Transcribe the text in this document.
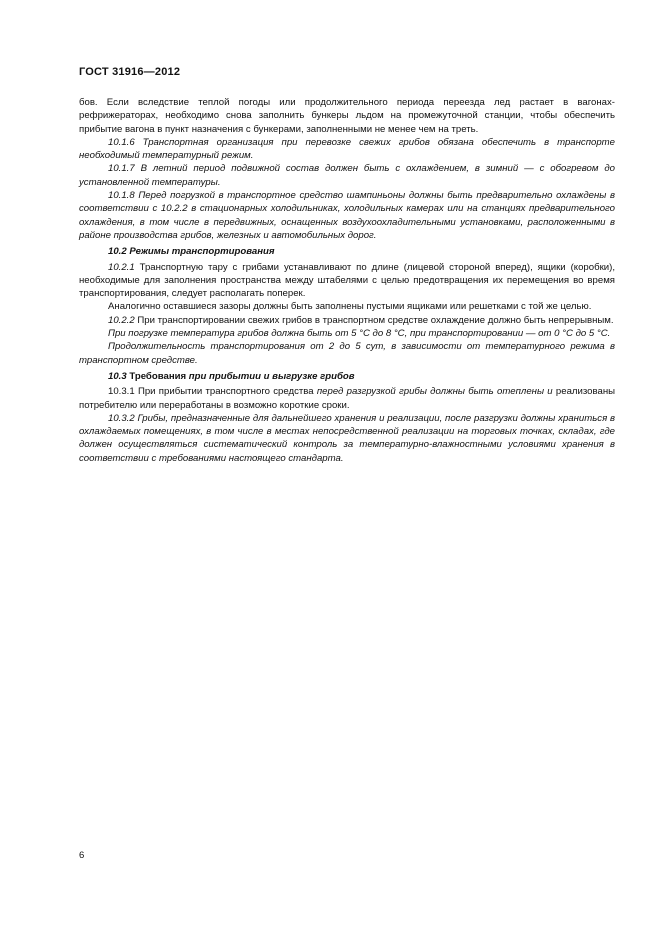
ГОСТ 31916—2012

бов. Если вследствие теплой погоды или продолжительного периода переезда лед растает в вагонах-рефрижераторах, необходимо снова заполнить бункеры льдом на промежуточной станции, чтобы обеспечить прибытие вагона в пункт назначения с бункерами, заполненными не менее чем на треть.

10.1.6 Транспортная организация при перевозке свежих грибов обязана обеспечить в транспорте необходимый температурный режим.

10.1.7 В летний период подвижной состав должен быть с охлаждением, в зимний — с обогревом до установленной температуры.

10.1.8 Перед погрузкой в транспортное средство шампиньоны должны быть предварительно охлаждены в соответствии с 10.2.2 в стационарных холодильниках, холодильных камерах или на станциях предварительного охлаждения, в том числе в передвижных, оснащенных воздухоохладительными установками, расположенными в районе производства грибов, железных и автомобильных дорог.

10.2 Режимы транспортирования

10.2.1 Транспортную тару с грибами устанавливают по длине (лицевой стороной вперед), ящики (коробки), необходимые для заполнения пространства между штабелями с целью предотвращения их перемещения во время транспортирования, следует располагать поперек.

Аналогично оставшиеся зазоры должны быть заполнены пустыми ящиками или решетками с той же целью.

10.2.2 При транспортировании свежих грибов в транспортном средстве охлаждение должно быть непрерывным.

При погрузке температура грибов должна быть от 5 °С до 8 °С, при транспортировании — от 0 °С до 5 °С.

Продолжительность транспортирования от 2 до 5 сут, в зависимости от температурного режима в транспортном средстве.

10.3 Требования при прибытии и выгрузке грибов

10.3.1 При прибытии транспортного средства перед разгрузкой грибы должны быть отеплены и реализованы потребителю или переработаны в возможно короткие сроки.

10.3.2 Грибы, предназначенные для дальнейшего хранения и реализации, после разгрузки должны храниться в охлаждаемых помещениях, в том числе в местах непосредственной реализации на торговых точках, складах, где должен осуществляться систематический контроль за температурно-влажностными условиями хранения в соответствии с требованиями настоящего стандарта.

6
